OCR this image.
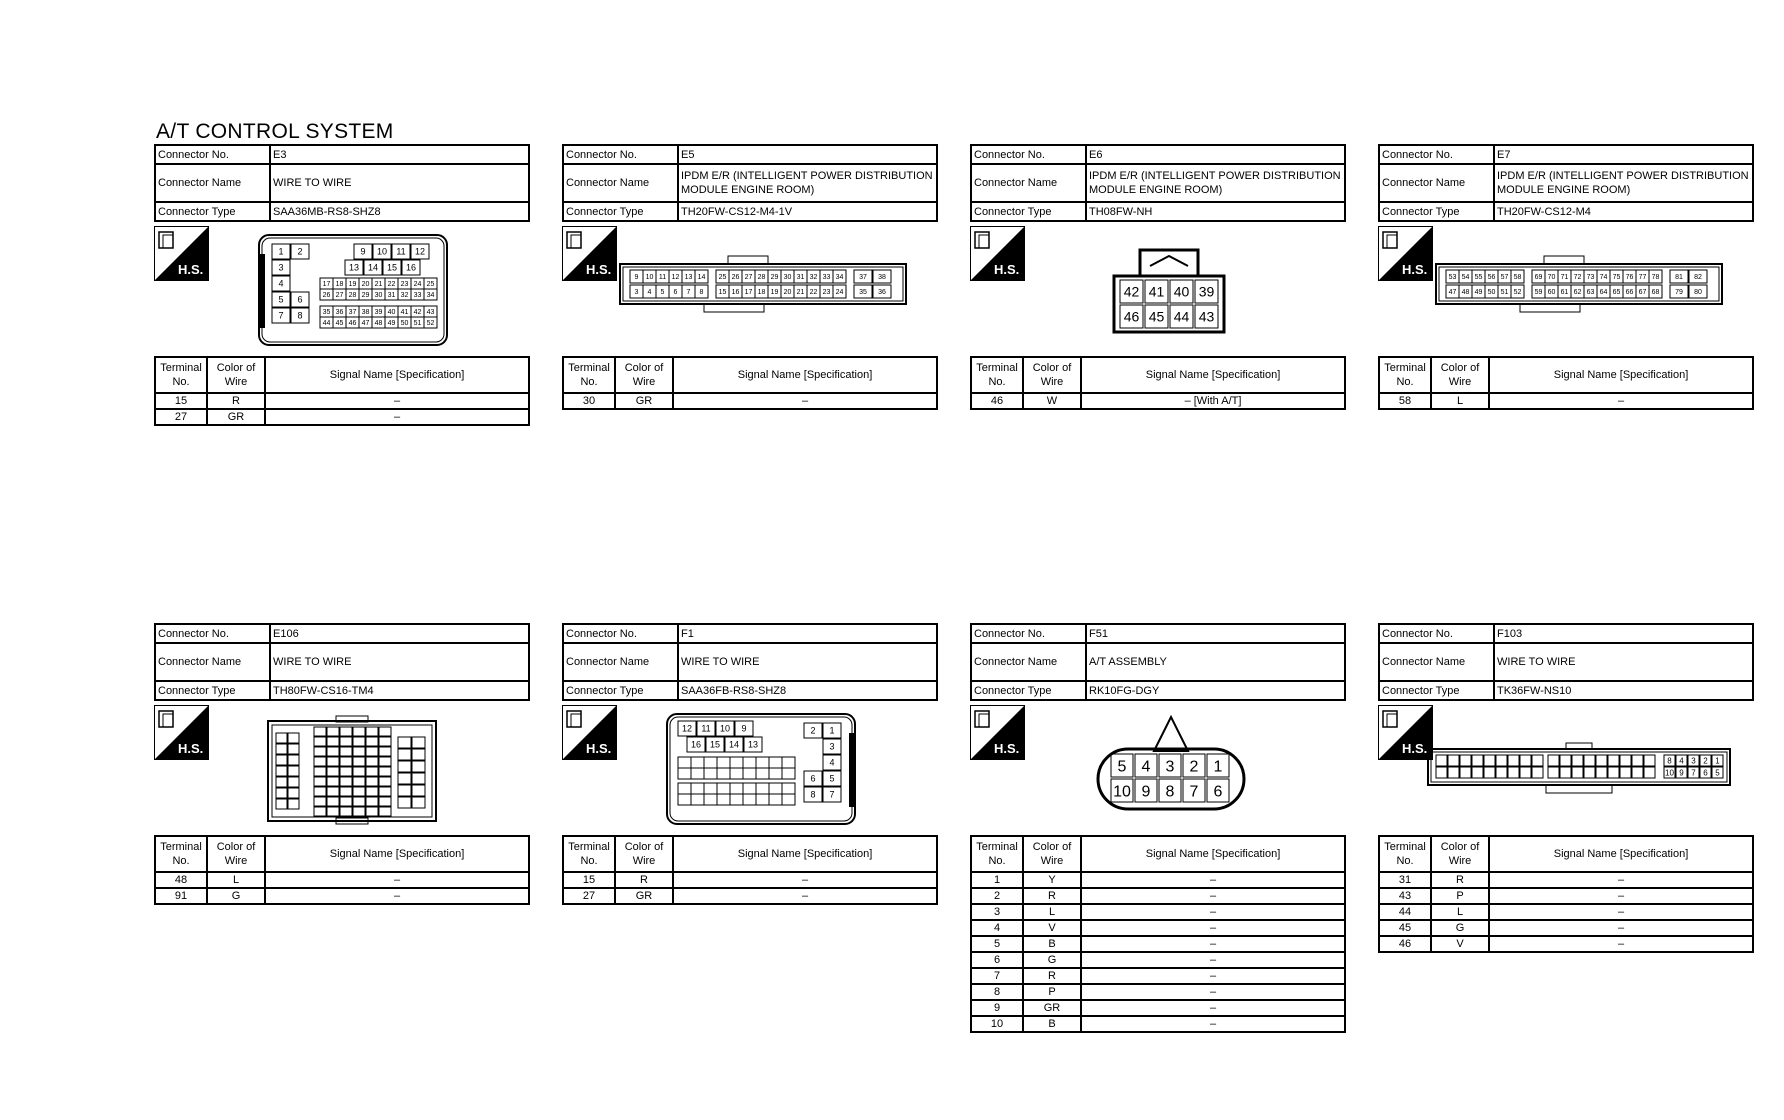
A/T CONTROL SYSTEM
Connector No.	E3
Connector Name	WIRE TO WIRE
Connector Type	SAA36MB-RS8-SHZ8
H.S.
1 2
3
4
5 6
7 8
9 10 11 12
13 14 15 16
17 18 19 20 21 22 23 24 25
26 27 28 29 30 31 32 33 34
35 36 37 38 39 40 41 42 43
44 45 46 47 48 49 50 51 52
Terminal No.	Color of Wire	Signal Name [Specification]
15	R	–
27	GR	–
Connector No.	E5
Connector Name	IPDM E/R (INTELLIGENT POWER DISTRIBUTION MODULE ENGINE ROOM)
Connector Type	TH20FW-CS12-M4-1V
H.S.
9
3
10
4
11
5
12
6
13
7
14
8
25
15
26
16
27
17
28
18
29
19
30
20
31
21
32
22
33
23
34
24
37
35
38
36
Terminal No.	Color of Wire	Signal Name [Specification]
30	GR	–
Connector No.	E6
Connector Name	IPDM E/R (INTELLIGENT POWER DISTRIBUTION MODULE ENGINE ROOM)
Connector Type	TH08FW-NH
H.S.
42
46
41
45
40
44
39
43
Terminal No.	Color of Wire	Signal Name [Specification]
46	W	– [With A/T]
Connector No.	E7
Connector Name	IPDM E/R (INTELLIGENT POWER DISTRIBUTION MODULE ENGINE ROOM)
Connector Type	TH20FW-CS12-M4
H.S.
53
47
54
48
55
49
56
50
57
51
58
52
69
59
70
60
71
61
72
62
73
63
74
64
75
65
76
66
77
67
78
68
81
79
82
80
Terminal No.	Color of Wire	Signal Name [Specification]
58	L	–
Connector No.	E106
Connector Name	WIRE TO WIRE
Connector Type	TH80FW-CS16-TM4
H.S.
Terminal No.	Color of Wire	Signal Name [Specification]
48	L	–
91	G	–
Connector No.	F1
Connector Name	WIRE TO WIRE
Connector Type	SAA36FB-RS8-SHZ8
H.S.
12 11 10 9
16 15 14 13
2 1
3
4
6 5
8 7
Terminal No.	Color of Wire	Signal Name [Specification]
15	R	–
27	GR	–
Connector No.	F51
Connector Name	A/T ASSEMBLY
Connector Type	RK10FG-DGY
H.S.
5
10
4
9
3
8
2
7
1
6
Terminal No.	Color of Wire	Signal Name [Specification]
1	Y	–
2	R	–
3	L	–
4	V	–
5	B	–
6	G	–
7	R	–
8	P	–
9	GR	–
10	B	–
Connector No.	F103
Connector Name	WIRE TO WIRE
Connector Type	TK36FW-NS10
H.S.
8
10
4
9
3
7
2
6
1
5
Terminal No.	Color of Wire	Signal Name [Specification]
31	R	–
43	P	–
44	L	–
45	G	–
46	V	–
